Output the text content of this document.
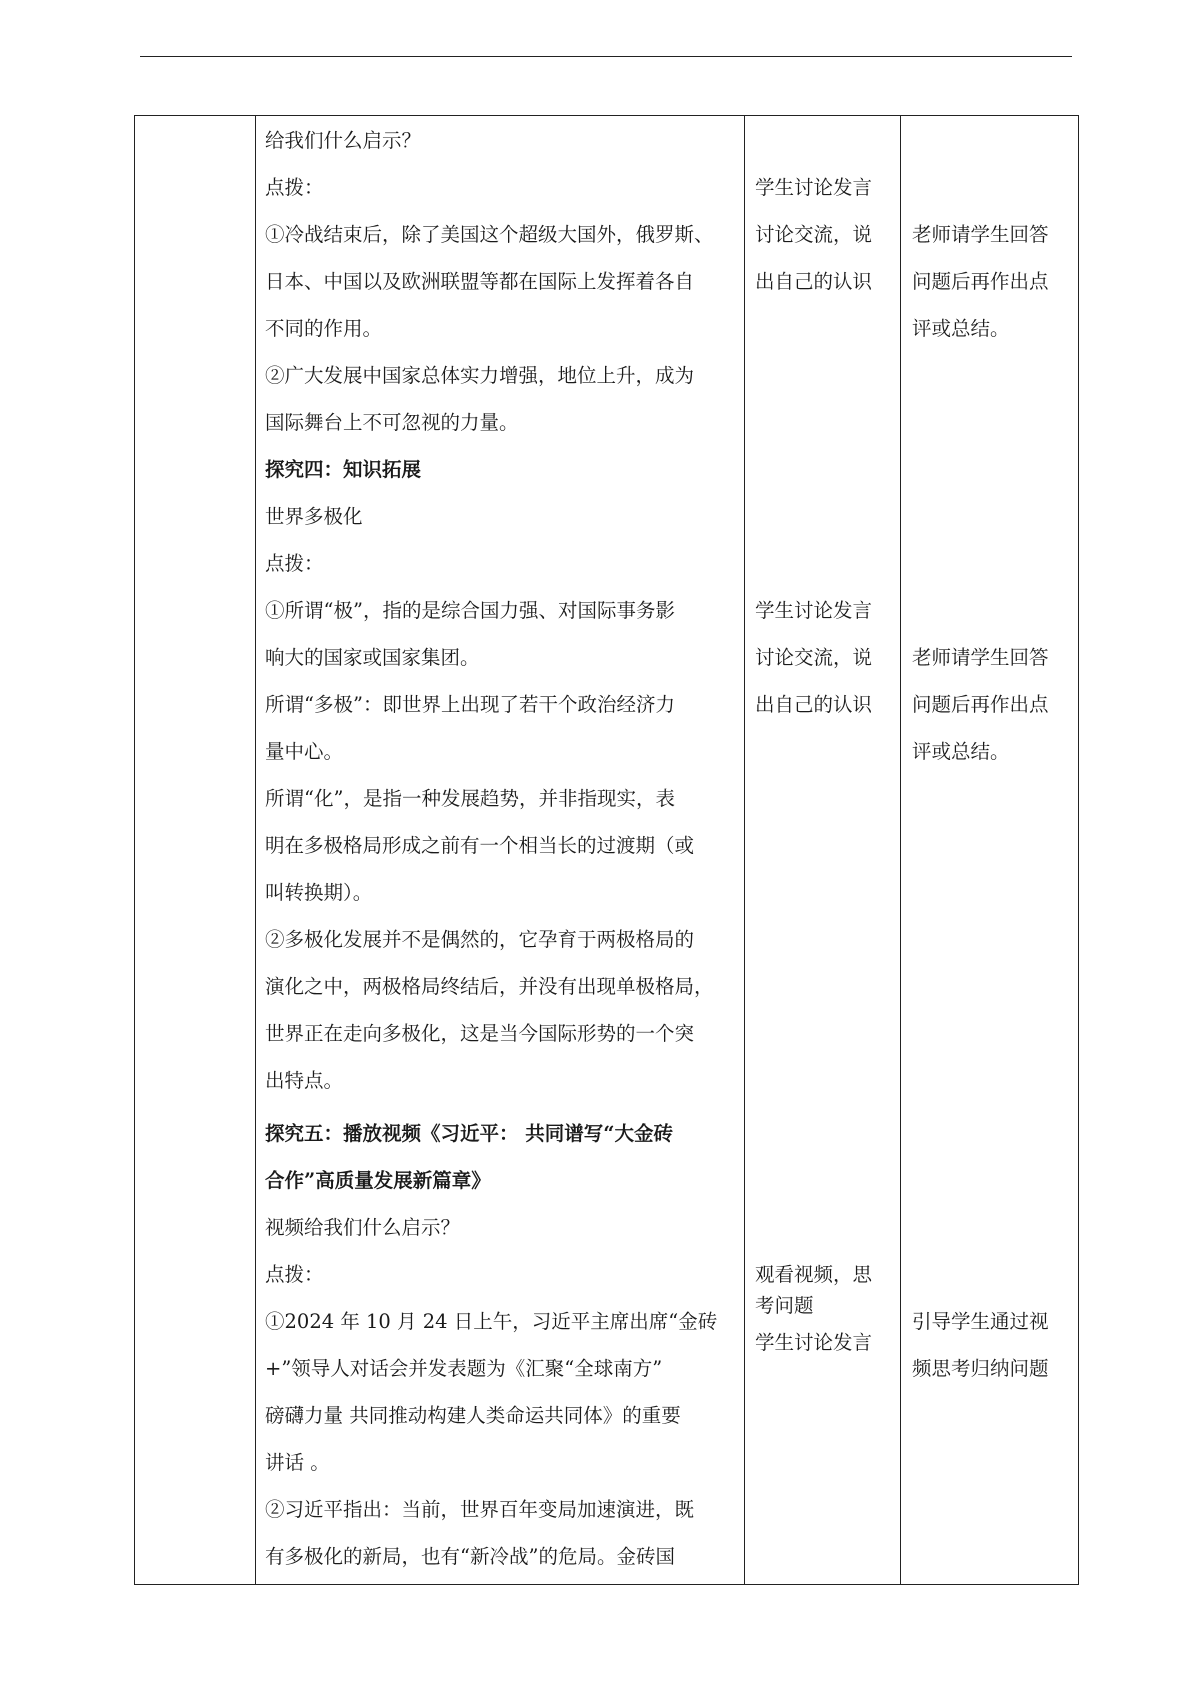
给我们什么启示？
点拨：
①冷战结束后，除了美国这个超级大国外，俄罗斯、
日本、中国以及欧洲联盟等都在国际上发挥着各自
不同的作用。
②广大发展中国家总体实力增强，地位上升，成为
国际舞台上不可忽视的力量。
探究四：知识拓展
世界多极化
点拨：
①所谓“极”，指的是综合国力强、对国际事务影
响大的国家或国家集团。
所谓“多极”：即世界上出现了若干个政治经济力
量中心。
所谓“化”，是指一种发展趋势，并非指现实，表
明在多极格局形成之前有一个相当长的过渡期（或
叫转换期）。
②多极化发展并不是偶然的，它孕育于两极格局的
演化之中，两极格局终结后，并没有出现单极格局，
世界正在走向多极化，这是当今国际形势的一个突
出特点。
探究五：播放视频《习近平： 共同谱写“大金砖
合作”高质量发展新篇章》
视频给我们什么启示？
点拨：
①2024 年 10 月 24 日上午，习近平主席出席“金砖
+”领导人对话会并发表题为《汇聚“全球南方”
磅礴力量 共同推动构建人类命运共同体》的重要
讲话 。
②习近平指出：当前，世界百年变局加速演进，既
有多极化的新局，也有“新冷战”的危局。金砖国
学生讨论发言
讨论交流，说
出自己的认识
学生讨论发言
讨论交流，说
出自己的认识
观看视频，思
考问题
学生讨论发言
老师请学生回答
问题后再作出点
评或总结。
老师请学生回答
问题后再作出点
评或总结。
引导学生通过视
频思考归纳问题
